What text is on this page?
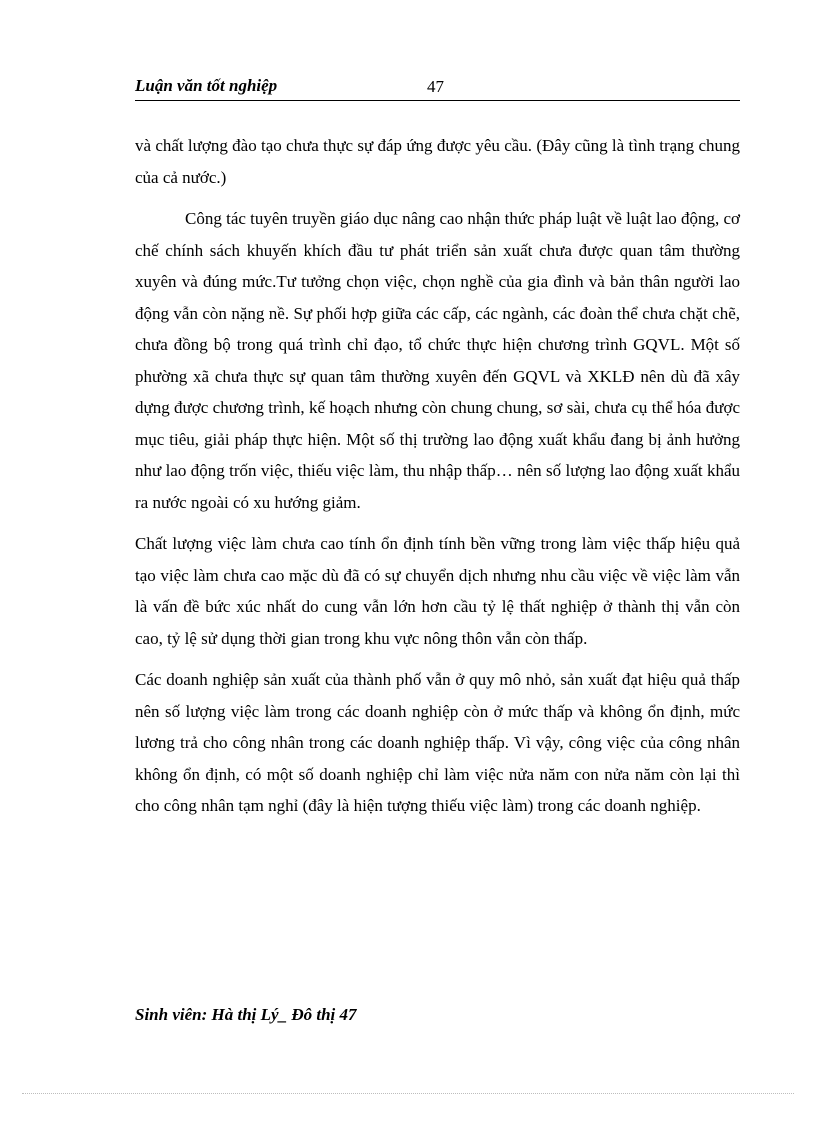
Luận văn tốt nghiệp	47

và chất lượng đào tạo chưa thực sự đáp ứng được yêu cầu. (Đây cũng là tình trạng chung của cả nước.)

Công tác tuyên truyền giáo dục nâng cao nhận thức pháp luật về luật lao động, cơ chế chính sách khuyến khích đầu tư phát triển sản xuất chưa được quan tâm thường xuyên và đúng mức.Tư tưởng chọn việc, chọn nghề của gia đình và bản thân người lao động vẫn còn nặng nề. Sự phối hợp giữa các cấp, các ngành, các đoàn thể chưa chặt chẽ, chưa đồng bộ trong quá trình chỉ đạo, tổ chức thực hiện chương trình GQVL. Một số phường xã chưa thực sự quan tâm thường xuyên đến GQVL và XKLĐ nên dù đã xây dựng được chương trình, kế hoạch nhưng còn chung chung, sơ sài, chưa cụ thể hóa được mục tiêu, giải pháp thực hiện. Một số thị trường lao động xuất khẩu đang bị ảnh hưởng như lao động trốn việc, thiếu việc làm, thu nhập thấp… nên số lượng lao động xuất khẩu ra nước ngoài có xu hướng giảm.

Chất lượng việc làm chưa cao tính ổn định tính bền vững trong làm việc thấp hiệu quả tạo việc làm chưa cao mặc dù đã có sự chuyển dịch nhưng nhu cầu việc về việc làm vẫn là vấn đề bức xúc nhất do cung vẫn lớn hơn cầu tỷ lệ thất nghiệp ở thành thị vẫn còn cao, tỷ lệ sử dụng thời gian trong khu vực nông thôn vẫn còn thấp.

Các doanh nghiệp sản xuất của thành phố vẫn ở quy mô nhỏ, sản xuất đạt hiệu quả thấp nên số lượng việc làm trong các doanh nghiệp còn ở mức thấp và không ổn định, mức lương trả cho công nhân trong các doanh nghiệp thấp. Vì vậy, công việc của công nhân không ổn định, có một số doanh nghiệp chỉ làm việc nửa năm con nửa năm còn lại thì cho công nhân tạm nghỉ (đây là hiện tượng thiếu việc làm) trong các doanh nghiệp.

Sinh viên: Hà thị Lý_ Đô thị 47
